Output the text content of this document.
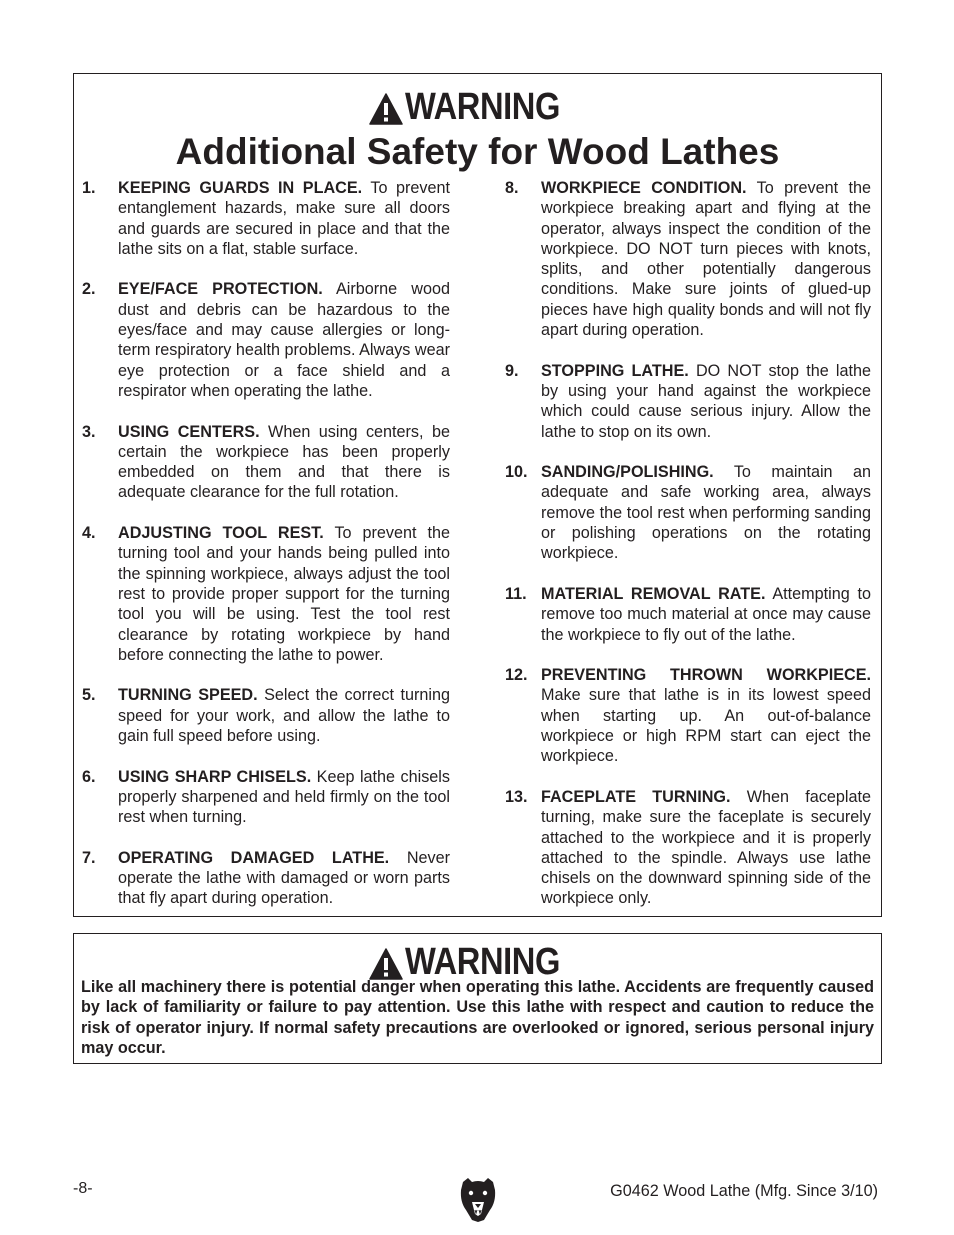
WARNING
Additional Safety for Wood Lathes
1.	KEEPING GUARDS IN PLACE. To prevent entanglement hazards, make sure all doors and guards are secured in place and that the lathe sits on a flat, stable surface.
2.	EYE/FACE PROTECTION. Airborne wood dust and debris can be hazardous to the eyes/face and may cause allergies or long-term respiratory health problems. Always wear eye protection or a face shield and a respirator when operating the lathe.
3.	USING CENTERS. When using centers, be certain the workpiece has been properly embedded on them and that there is adequate clearance for the full rotation.
4.	ADJUSTING TOOL REST. To prevent the turning tool and your hands being pulled into the spinning workpiece, always adjust the tool rest to provide proper support for the turning tool you will be using. Test the tool rest clearance by rotating workpiece by hand before connecting the lathe to power.
5.	TURNING SPEED. Select the correct turning speed for your work, and allow the lathe to gain full speed before using.
6.	USING SHARP CHISELS. Keep lathe chisels properly sharpened and held firmly on the tool rest when turning.
7.	OPERATING DAMAGED LATHE. Never operate the lathe with damaged or worn parts that fly apart during operation.
8.	WORKPIECE CONDITION. To prevent the workpiece breaking apart and flying at the operator, always inspect the condition of the workpiece. DO NOT turn pieces with knots, splits, and other potentially dangerous conditions. Make sure joints of glued-up pieces have high quality bonds and will not fly apart during operation.
9.	STOPPING LATHE. DO NOT stop the lathe by using your hand against the workpiece which could cause serious injury. Allow the lathe to stop on its own.
10. SANDING/POLISHING. To maintain an adequate and safe working area, always remove the tool rest when performing sanding or polishing operations on the rotating workpiece.
11. MATERIAL REMOVAL RATE. Attempting to remove too much material at once may cause the workpiece to fly out of the lathe.
12. PREVENTING THROWN WORKPIECE. Make sure that lathe is in its lowest speed when starting up. An out-of-balance workpiece or high RPM start can eject the workpiece.
13. FACEPLATE TURNING. When faceplate turning, make sure the faceplate is securely attached to the workpiece and it is properly attached to the spindle. Always use lathe chisels on the downward spinning side of the workpiece only.
WARNING
Like all machinery there is potential danger when operating this lathe. Accidents are frequently caused by lack of familiarity or failure to pay attention. Use this lathe with respect and caution to reduce the risk of operator injury. If normal safety precautions are overlooked or ignored, serious personal injury may occur.
-8-	G0462 Wood Lathe (Mfg. Since 3/10)
